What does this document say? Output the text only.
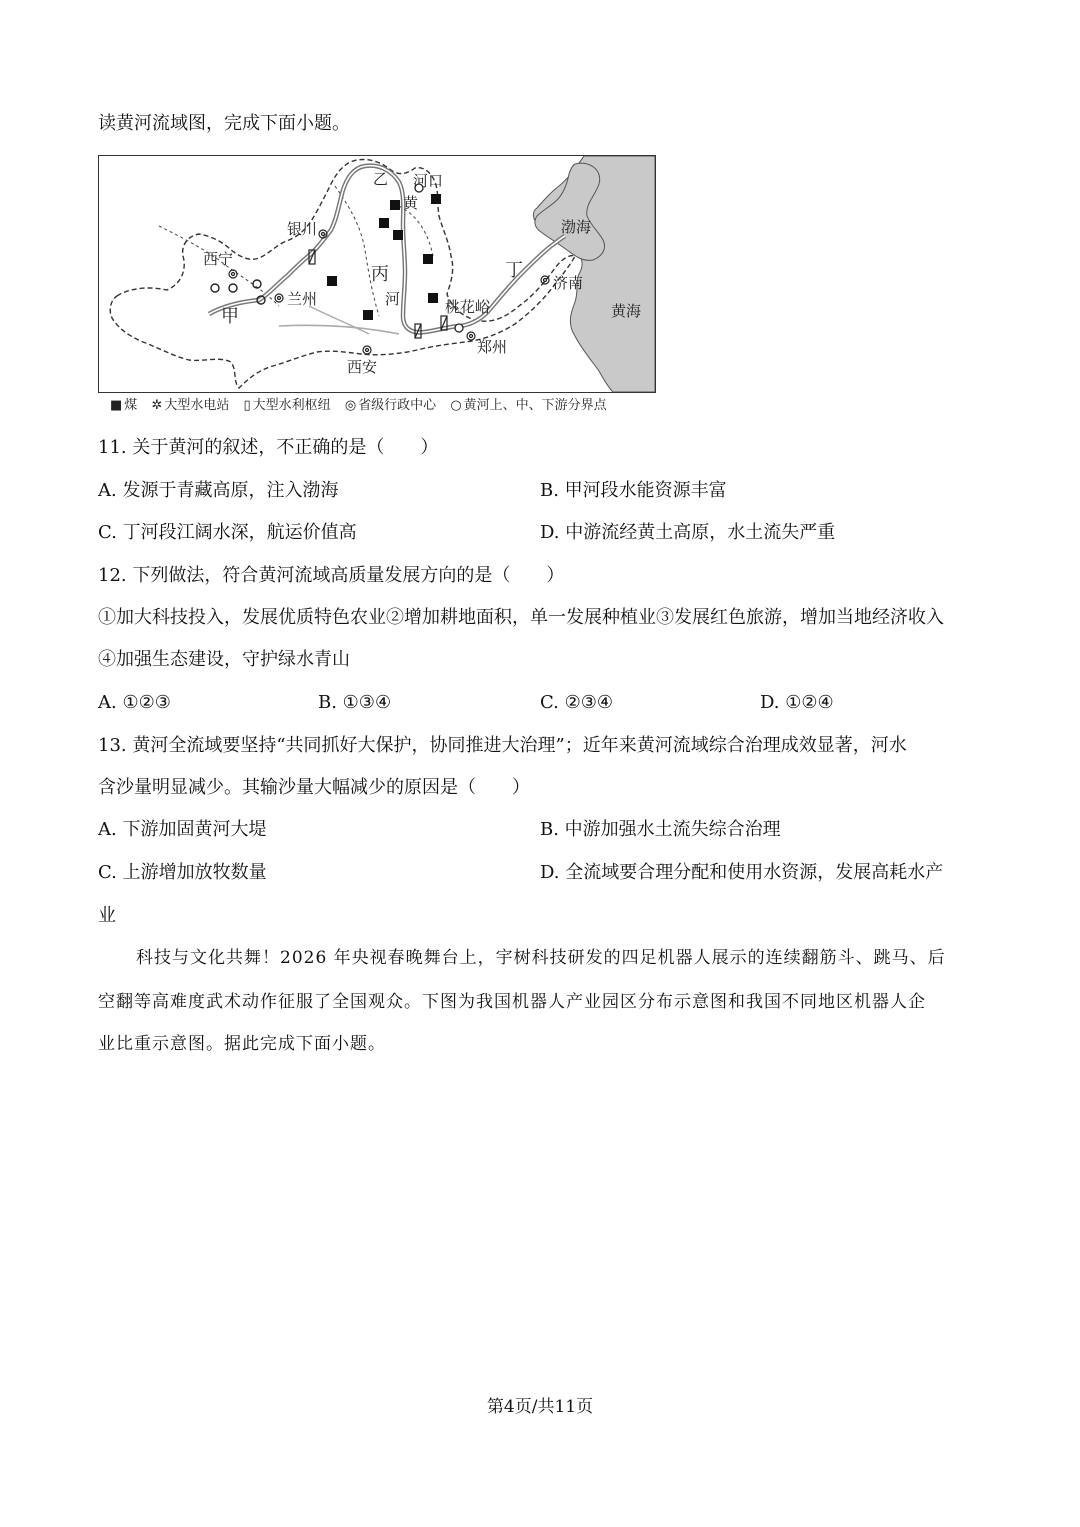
读黄河流域图，完成下面小题。
乙 河口
黄
银川	渤海
西宁
丙	丁
济南
兰州	河	桃花峪	黄海
甲
郑州
西安
■ 煤 ✲ 大型水电站 ▯ 大型水利枢纽 ◎ 省级行政中心 ○ 黄河上、中、下游分界点
11. 关于黄河的叙述，不正确的是（　　）
A. 发源于青藏高原，注入渤海	B. 甲河段水能资源丰富
C. 丁河段江阔水深，航运价值高	D. 中游流经黄土高原，水土流失严重
12. 下列做法，符合黄河流域高质量发展方向的是（　　）
①加大科技投入，发展优质特色农业②增加耕地面积，单一发展种植业③发展红色旅游，增加当地经济收入
④加强生态建设，守护绿水青山
A. ①②③	B. ①③④	C. ②③④	D. ①②④
13. 黄河全流域要坚持“共同抓好大保护，协同推进大治理”；近年来黄河流域综合治理成效显著，河水
含沙量明显减少。其输沙量大幅减少的原因是（　　）
A. 下游加固黄河大堤	B. 中游加强水土流失综合治理
C. 上游增加放牧数量	D. 全流域要合理分配和使用水资源，发展高耗水产
业
科技与文化共舞！2026 年央视春晚舞台上，宇树科技研发的四足机器人展示的连续翻筋斗、跳马、后
空翻等高难度武术动作征服了全国观众。下图为我国机器人产业园区分布示意图和我国不同地区机器人企
业比重示意图。据此完成下面小题。
第4页/共11页
